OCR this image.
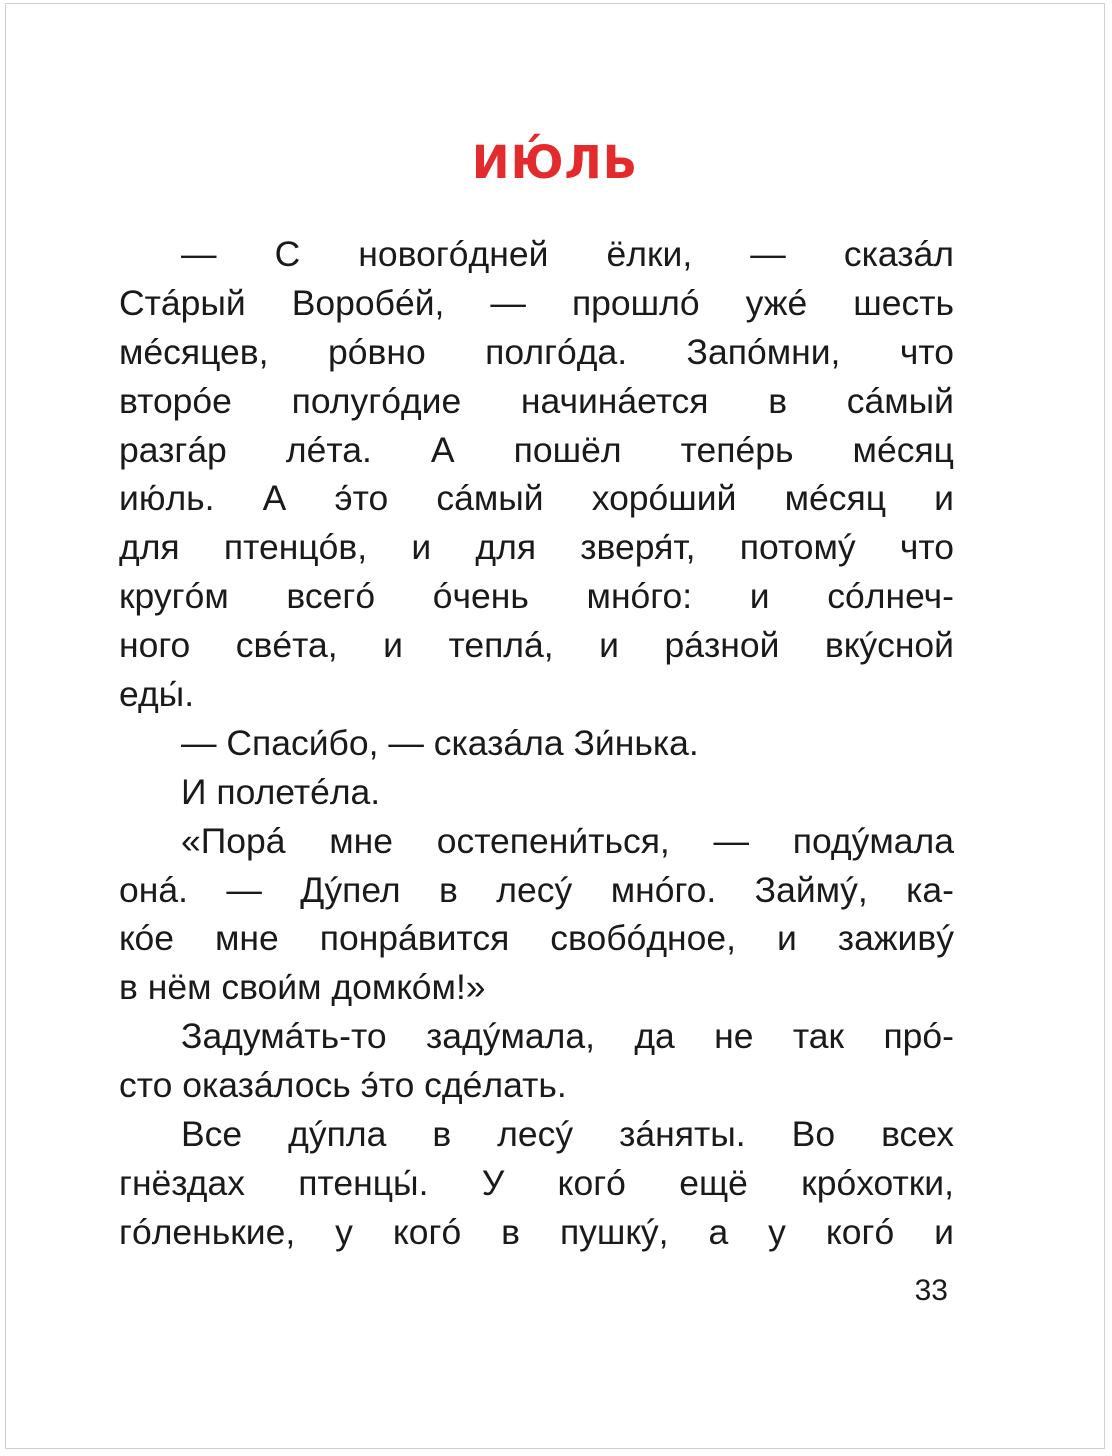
ИЮ́ЛЬ

— С новогóдней ёлки, — сказáл
Стáрый Воробéй, — прошлó ужé шесть
мéсяцев, рóвно полгóда. Запóмни, что
вторóе полугóдие начинáется в сáмый
разгáр лéта. А пошёл тепéрь мéсяц
ию́ль. А э́то сáмый хорóший мéсяц и
для птенцóв, и для зверя́т, потомý что
кругóм всегó óчень мнóго: и сóлнеч-
ного свéта, и теплá, и рáзной вкýсной
еды́.

— Спаси́бо, — сказáла Зи́нька.

И полетéла.

«Порá мне остепени́ться, — подýмала
онá. — Дýпел в лесý мнóго. Займý, ка-
кóе мне понрáвится свобóдное, и заживý
в нём свои́м домкóм!»

Задумáть-то задýмала, да не так прó-
сто оказáлось э́то сдéлать.

Все дýпла в лесý зáняты. Во всех
гнёздах птенцы́. У когó ещё крóхотки,
гóленькие, у когó в пушкý, а у когó и

33
